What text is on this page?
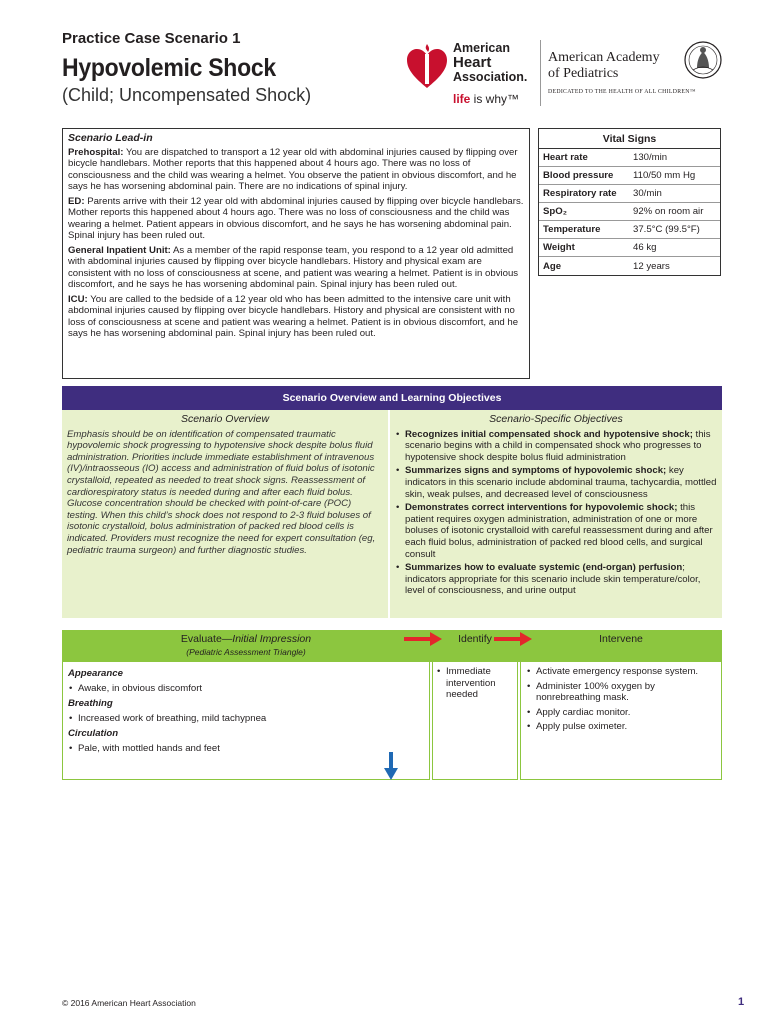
Practice Case Scenario 1
Hypovolemic Shock
(Child; Uncompensated Shock)
American
Heart
Association.
life is why™
American Academy
of Pediatrics
DEDICATED TO THE HEALTH OF ALL CHILDREN™
Scenario Lead-in

Prehospital: You are dispatched to transport a 12 year old with abdominal injuries caused by flipping over bicycle handlebars. Mother reports that this happened about 4 hours ago. There was no loss of consciousness and the child was wearing a helmet. You observe the patient in obvious discomfort, and he says he has worsening abdominal pain. There are no indications of spinal injury.

ED: Parents arrive with their 12 year old with abdominal injuries caused by flipping over bicycle handlebars. Mother reports this happened about 4 hours ago. There was no loss of consciousness and the child was wearing a helmet. Patient appears in obvious discomfort, and he says he has worsening abdominal pain. Spinal injury has been ruled out.

General Inpatient Unit: As a member of the rapid response team, you respond to a 12 year old admitted with abdominal injuries caused by flipping over bicycle handlebars. History and physical exam are consistent with no loss of consciousness at scene, and patient was wearing a helmet. Patient is in obvious discomfort, and he says he has worsening abdominal pain. Spinal injury has been ruled out.

ICU: You are called to the bedside of a 12 year old who has been admitted to the intensive care unit with abdominal injuries caused by flipping over bicycle handlebars. History and physical are consistent with no loss of consciousness at scene and patient was wearing a helmet. Patient is in obvious discomfort, and he says he has worsening abdominal pain. Spinal injury has been ruled out.

Vital Signs
Heart rate	130/min
Blood pressure	110/50 mm Hg
Respiratory rate	30/min
SpO₂	92% on room air
Temperature	37.5°C (99.5°F)
Weight	46 kg
Age	12 years
Scenario Overview and Learning Objectives
Scenario Overview
Emphasis should be on identification of compensated traumatic hypovolemic shock progressing to hypotensive shock despite bolus fluid administration. Priorities include immediate establishment of intravenous (IV)/intraosseous (IO) access and administration of fluid bolus of isotonic crystalloid, repeated as needed to treat shock signs. Reassessment of cardiorespiratory status is needed during and after each fluid bolus. Glucose concentration should be checked with point-of-care (POC) testing. When this child’s shock does not respond to 2-3 fluid boluses of isotonic crystalloid, bolus administration of packed red blood cells is indicated. Providers must recognize the need for expert consultation (eg, pediatric trauma surgeon) and further diagnostic studies.
Scenario-Specific Objectives
• Recognizes initial compensated shock and hypotensive shock; this scenario begins with a child in compensated shock who progresses to hypotensive shock despite bolus fluid administration
• Summarizes signs and symptoms of hypovolemic shock; key indicators in this scenario include abdominal trauma, tachycardia, mottled skin, weak pulses, and decreased level of consciousness
• Demonstrates correct interventions for hypovolemic shock; this patient requires oxygen administration, administration of one or more boluses of isotonic crystalloid with careful reassessment during and after each fluid bolus, administration of packed red blood cells, and surgical consult
• Summarizes how to evaluate systemic (end-organ) perfusion; indicators appropriate for this scenario include skin temperature/color, level of consciousness, and urine output
Evaluate—Initial Impression
(Pediatric Assessment Triangle)
Identify	Intervene
Appearance
• Awake, in obvious discomfort
Breathing
• Increased work of breathing, mild tachypnea
Circulation
• Pale, with mottled hands and feet
• Immediate intervention needed
• Activate emergency response system.
• Administer 100% oxygen by nonrebreathing mask.
• Apply cardiac monitor.
• Apply pulse oximeter.
© 2016 American Heart Association	1
